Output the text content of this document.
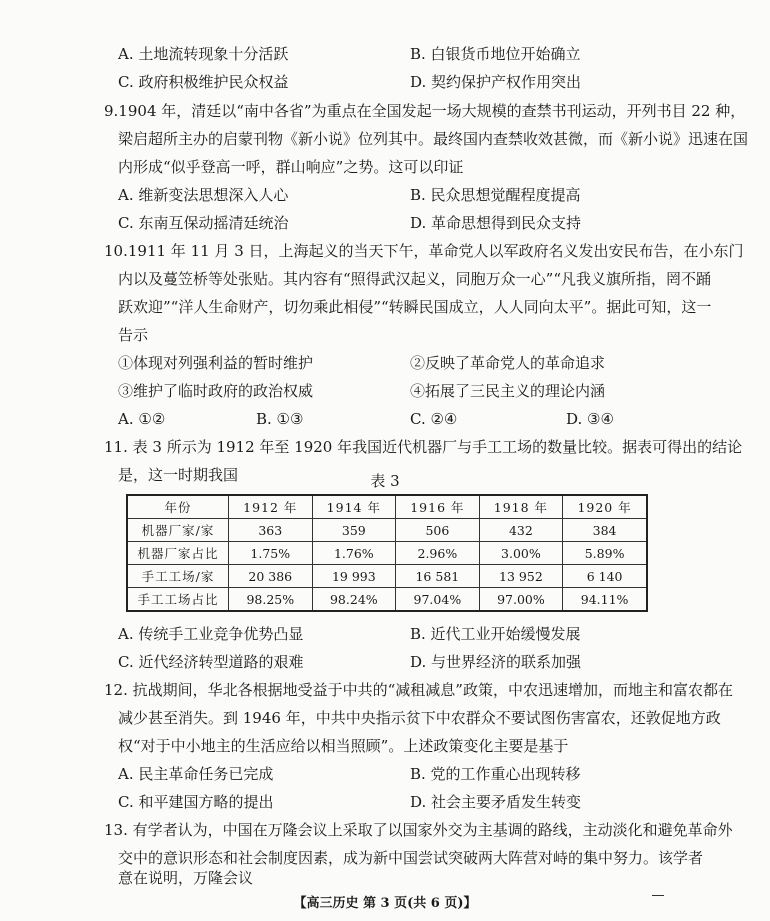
A. 土地流转现象十分活跃	B. 白银货币地位开始确立
C. 政府积极维护民众权益	D. 契约保护产权作用突出
9.1904 年，清廷以“南中各省”为重点在全国发起一场大规模的查禁书刊运动，开列书目 22 种，
梁启超所主办的启蒙刊物《新小说》位列其中。最终国内查禁收效甚微，而《新小说》迅速在国
内形成“似乎登高一呼，群山响应”之势。这可以印证
A. 维新变法思想深入人心	B. 民众思想觉醒程度提高
C. 东南互保动摇清廷统治	D. 革命思想得到民众支持
10.1911 年 11 月 3 日，上海起义的当天下午，革命党人以军政府名义发出安民布告，在小东门
内以及蔓笠桥等处张贴。其内容有“照得武汉起义，同胞万众一心”“凡我义旗所指，罔不踊
跃欢迎”“洋人生命财产，切勿乘此相侵”“转瞬民国成立，人人同向太平”。据此可知，这一
告示
①体现对列强利益的暂时维护	②反映了革命党人的革命追求
③维护了临时政府的政治权威	④拓展了三民主义的理论内涵
A. ①②	B. ①③	C. ②④	D. ③④
11. 表 3 所示为 1912 年至 1920 年我国近代机器厂与手工工场的数量比较。据表可得出的结论
是，这一时期我国	表 3
年份	1912 年	1914 年	1916 年	1918 年	1920 年
机器厂家/家	363	359	506	432	384
机器厂家占比	1.75%	1.76%	2.96%	3.00%	5.89%
手工工场/家	20 386	19 993	16 581	13 952	6 140
手工工场占比	98.25%	98.24%	97.04%	97.00%	94.11%
A. 传统手工业竞争优势凸显	B. 近代工业开始缓慢发展
C. 近代经济转型道路的艰难	D. 与世界经济的联系加强
12. 抗战期间，华北各根据地受益于中共的“减租减息”政策，中农迅速增加，而地主和富农都在
减少甚至消失。到 1946 年，中共中央指示贫下中农群众不要试图伤害富农，还敦促地方政
权“对于中小地主的生活应给以相当照顾”。上述政策变化主要是基于
A. 民主革命任务已完成	B. 党的工作重心出现转移
C. 和平建国方略的提出	D. 社会主要矛盾发生转变
13. 有学者认为，中国在万隆会议上采取了以国家外交为主基调的路线，主动淡化和避免革命外
交中的意识形态和社会制度因素，成为新中国尝试突破两大阵营对峙的集中努力。该学者
意在说明，万隆会议
【高三历史 第 3 页(共 6 页)】
